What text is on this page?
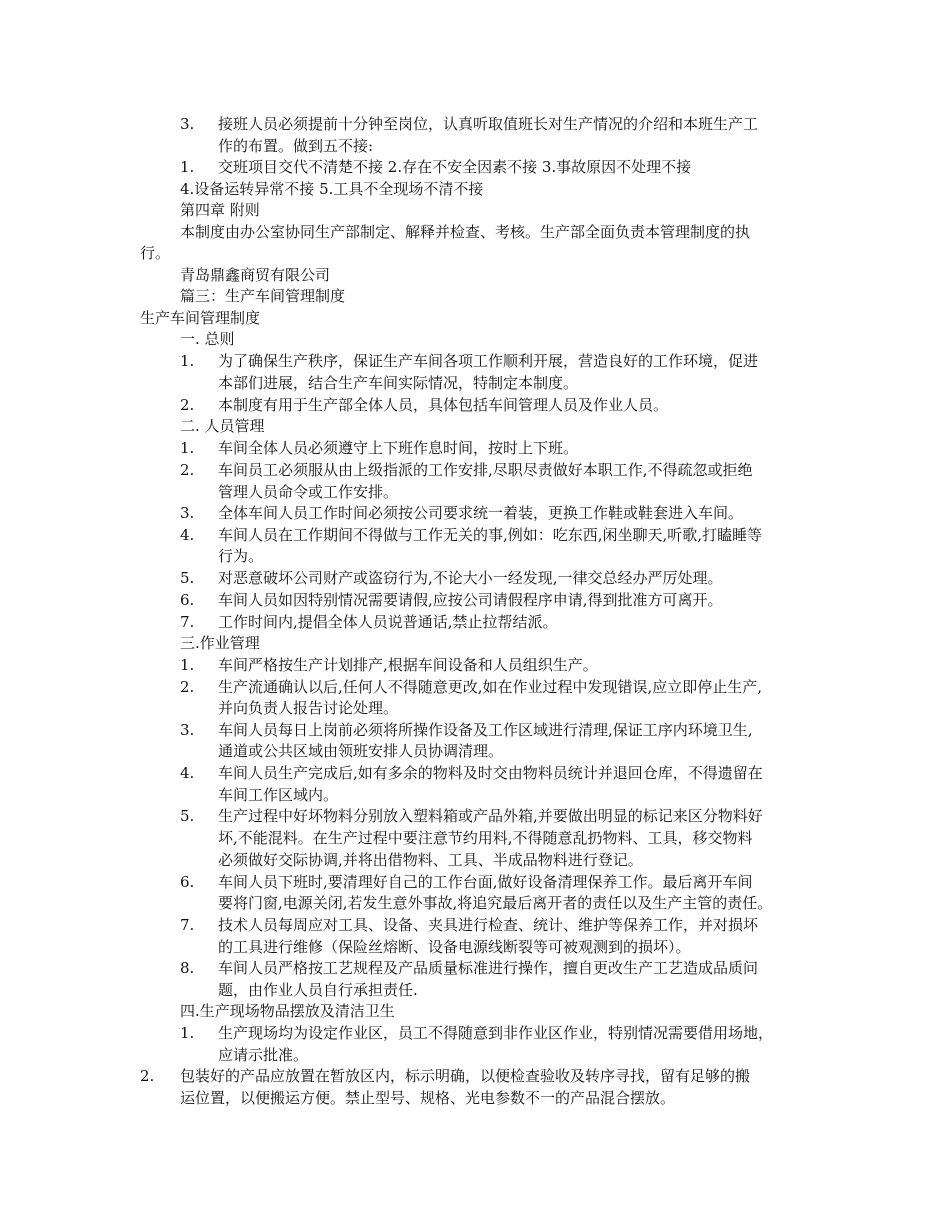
3. 接班人员必须提前十分钟至岗位，认真听取值班长对生产情况的介绍和本班生产工
作的布置。做到五不接:
1. 交班项目交代不清楚不接 2.存在不安全因素不接 3.事故原因不处理不接
4.设备运转异常不接 5.工具不全现场不清不接
第四章 附则
本制度由办公室协同生产部制定、解释并检查、考核。生产部全面负责本管理制度的执
行。
青岛鼎鑫商贸有限公司
篇三：生产车间管理制度
生产车间管理制度
一. 总则
1. 为了确保生产秩序，保证生产车间各项工作顺利开展，营造良好的工作环境，促进
本部们进展，结合生产车间实际情况，特制定本制度。
2. 本制度有用于生产部全体人员，具体包括车间管理人员及作业人员。
二. 人员管理
1. 车间全体人员必须遵守上下班作息时间，按时上下班。
2. 车间员工必须服从由上级指派的工作安排,尽职尽责做好本职工作,不得疏忽或拒绝
管理人员命令或工作安排。
3. 全体车间人员工作时间必须按公司要求统一着装，更换工作鞋或鞋套进入车间。
4. 车间人员在工作期间不得做与工作无关的事,例如：吃东西,闲坐聊天,听歌,打瞌睡等
行为。
5. 对恶意破坏公司财产或盗窃行为,不论大小一经发现,一律交总经办严厉处理。
6. 车间人员如因特别情况需要请假,应按公司请假程序申请,得到批准方可离开。
7. 工作时间内,提倡全体人员说普通话,禁止拉帮结派。
三.作业管理
1. 车间严格按生产计划排产,根据车间设备和人员组织生产。
2. 生产流通确认以后,任何人不得随意更改,如在作业过程中发现错误,应立即停止生产,
并向负责人报告讨论处理。
3. 车间人员每日上岗前必须将所操作设备及工作区域进行清理,保证工序内环境卫生,
通道或公共区域由领班安排人员协调清理。
4. 车间人员生产完成后,如有多余的物料及时交由物料员统计并退回仓库，不得遗留在
车间工作区域内。
5. 生产过程中好坏物料分别放入塑料箱或产品外箱,并要做出明显的标记来区分物料好
坏,不能混料。在生产过程中要注意节约用料,不得随意乱扔物料、工具，移交物料
必须做好交际协调,并将出借物料、工具、半成品物料进行登记。
6. 车间人员下班时,要清理好自己的工作台面,做好设备清理保养工作。最后离开车间
要将门窗,电源关闭,若发生意外事故,将追究最后离开者的责任以及生产主管的责任。
7. 技术人员每周应对工具、设备、夹具进行检查、统计、维护等保养工作，并对损坏
的工具进行维修（保险丝熔断、设备电源线断裂等可被观测到的损坏）。
8. 车间人员严格按工艺规程及产品质量标准进行操作，擅自更改生产工艺造成品质问
题，由作业人员自行承担责任.
四.生产现场物品摆放及清洁卫生
1. 生产现场均为设定作业区，员工不得随意到非作业区作业，特别情况需要借用场地，
应请示批准。
2. 包装好的产品应放置在暂放区内，标示明确，以便检查验收及转序寻找，留有足够的搬
运位置，以便搬运方便。禁止型号、规格、光电参数不一的产品混合摆放。
